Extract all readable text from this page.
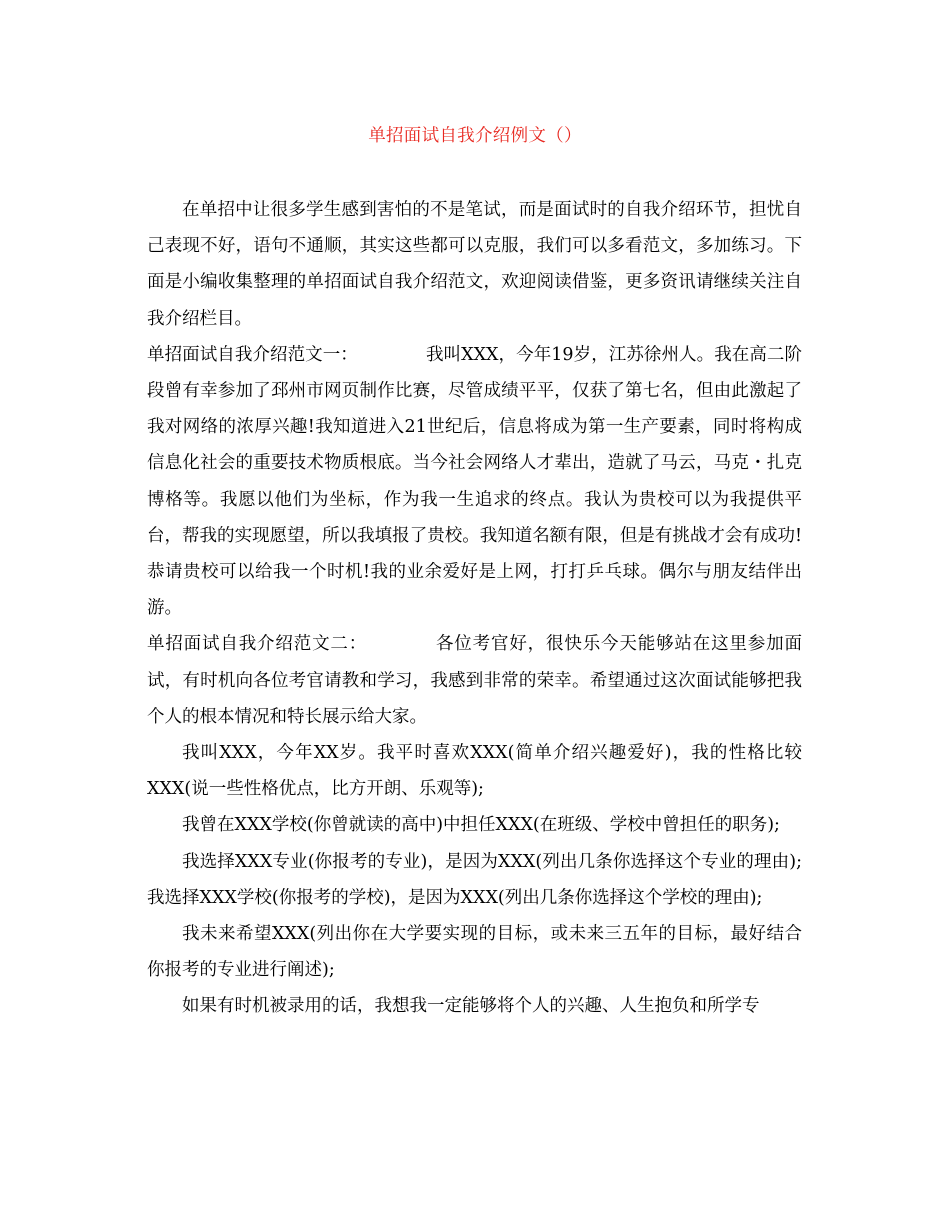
单招面试自我介绍例文（）

在单招中让很多学生感到害怕的不是笔试，而是面试时的自我介绍环节，担忧自己表现不好，语句不通顺，其实这些都可以克服，我们可以多看范文，多加练习。下面是小编收集整理的单招面试自我介绍范文，欢迎阅读借鉴，更多资讯请继续关注自我介绍栏目。

单招面试自我介绍范文一：	我叫XXX，今年19岁，江苏徐州人。我在高二阶段曾有幸参加了邳州市网页制作比赛，尽管成绩平平，仅获了第七名，但由此激起了我对网络的浓厚兴趣!我知道进入21世纪后，信息将成为第一生产要素，同时将构成信息化社会的重要技术物质根底。当今社会网络人才辈出，造就了马云，马克・扎克博格等。我愿以他们为坐标，作为我一生追求的终点。我认为贵校可以为我提供平台，帮我的实现愿望，所以我填报了贵校。我知道名额有限，但是有挑战才会有成功! 恭请贵校可以给我一个时机!我的业余爱好是上网，打打乒乓球。偶尔与朋友结伴出游。

单招面试自我介绍范文二：	各位考官好，很快乐今天能够站在这里参加面试，有时机向各位考官请教和学习，我感到非常的荣幸。希望通过这次面试能够把我个人的根本情况和特长展示给大家。

我叫XXX，今年XX岁。我平时喜欢XXX(简单介绍兴趣爱好)，我的性格比较XXX(说一些性格优点，比方开朗、乐观等);

我曾在XXX学校(你曾就读的高中)中担任XXX(在班级、学校中曾担任的职务);

我选择XXX专业(你报考的专业)，是因为XXX(列出几条你选择这个专业的理由);我选择XXX学校(你报考的学校)，是因为XXX(列出几条你选择这个学校的理由);

我未来希望XXX(列出你在大学要实现的目标，或未来三五年的目标，最好结合你报考的专业进行阐述);

如果有时机被录用的话，我想我一定能够将个人的兴趣、人生抱负和所学专
